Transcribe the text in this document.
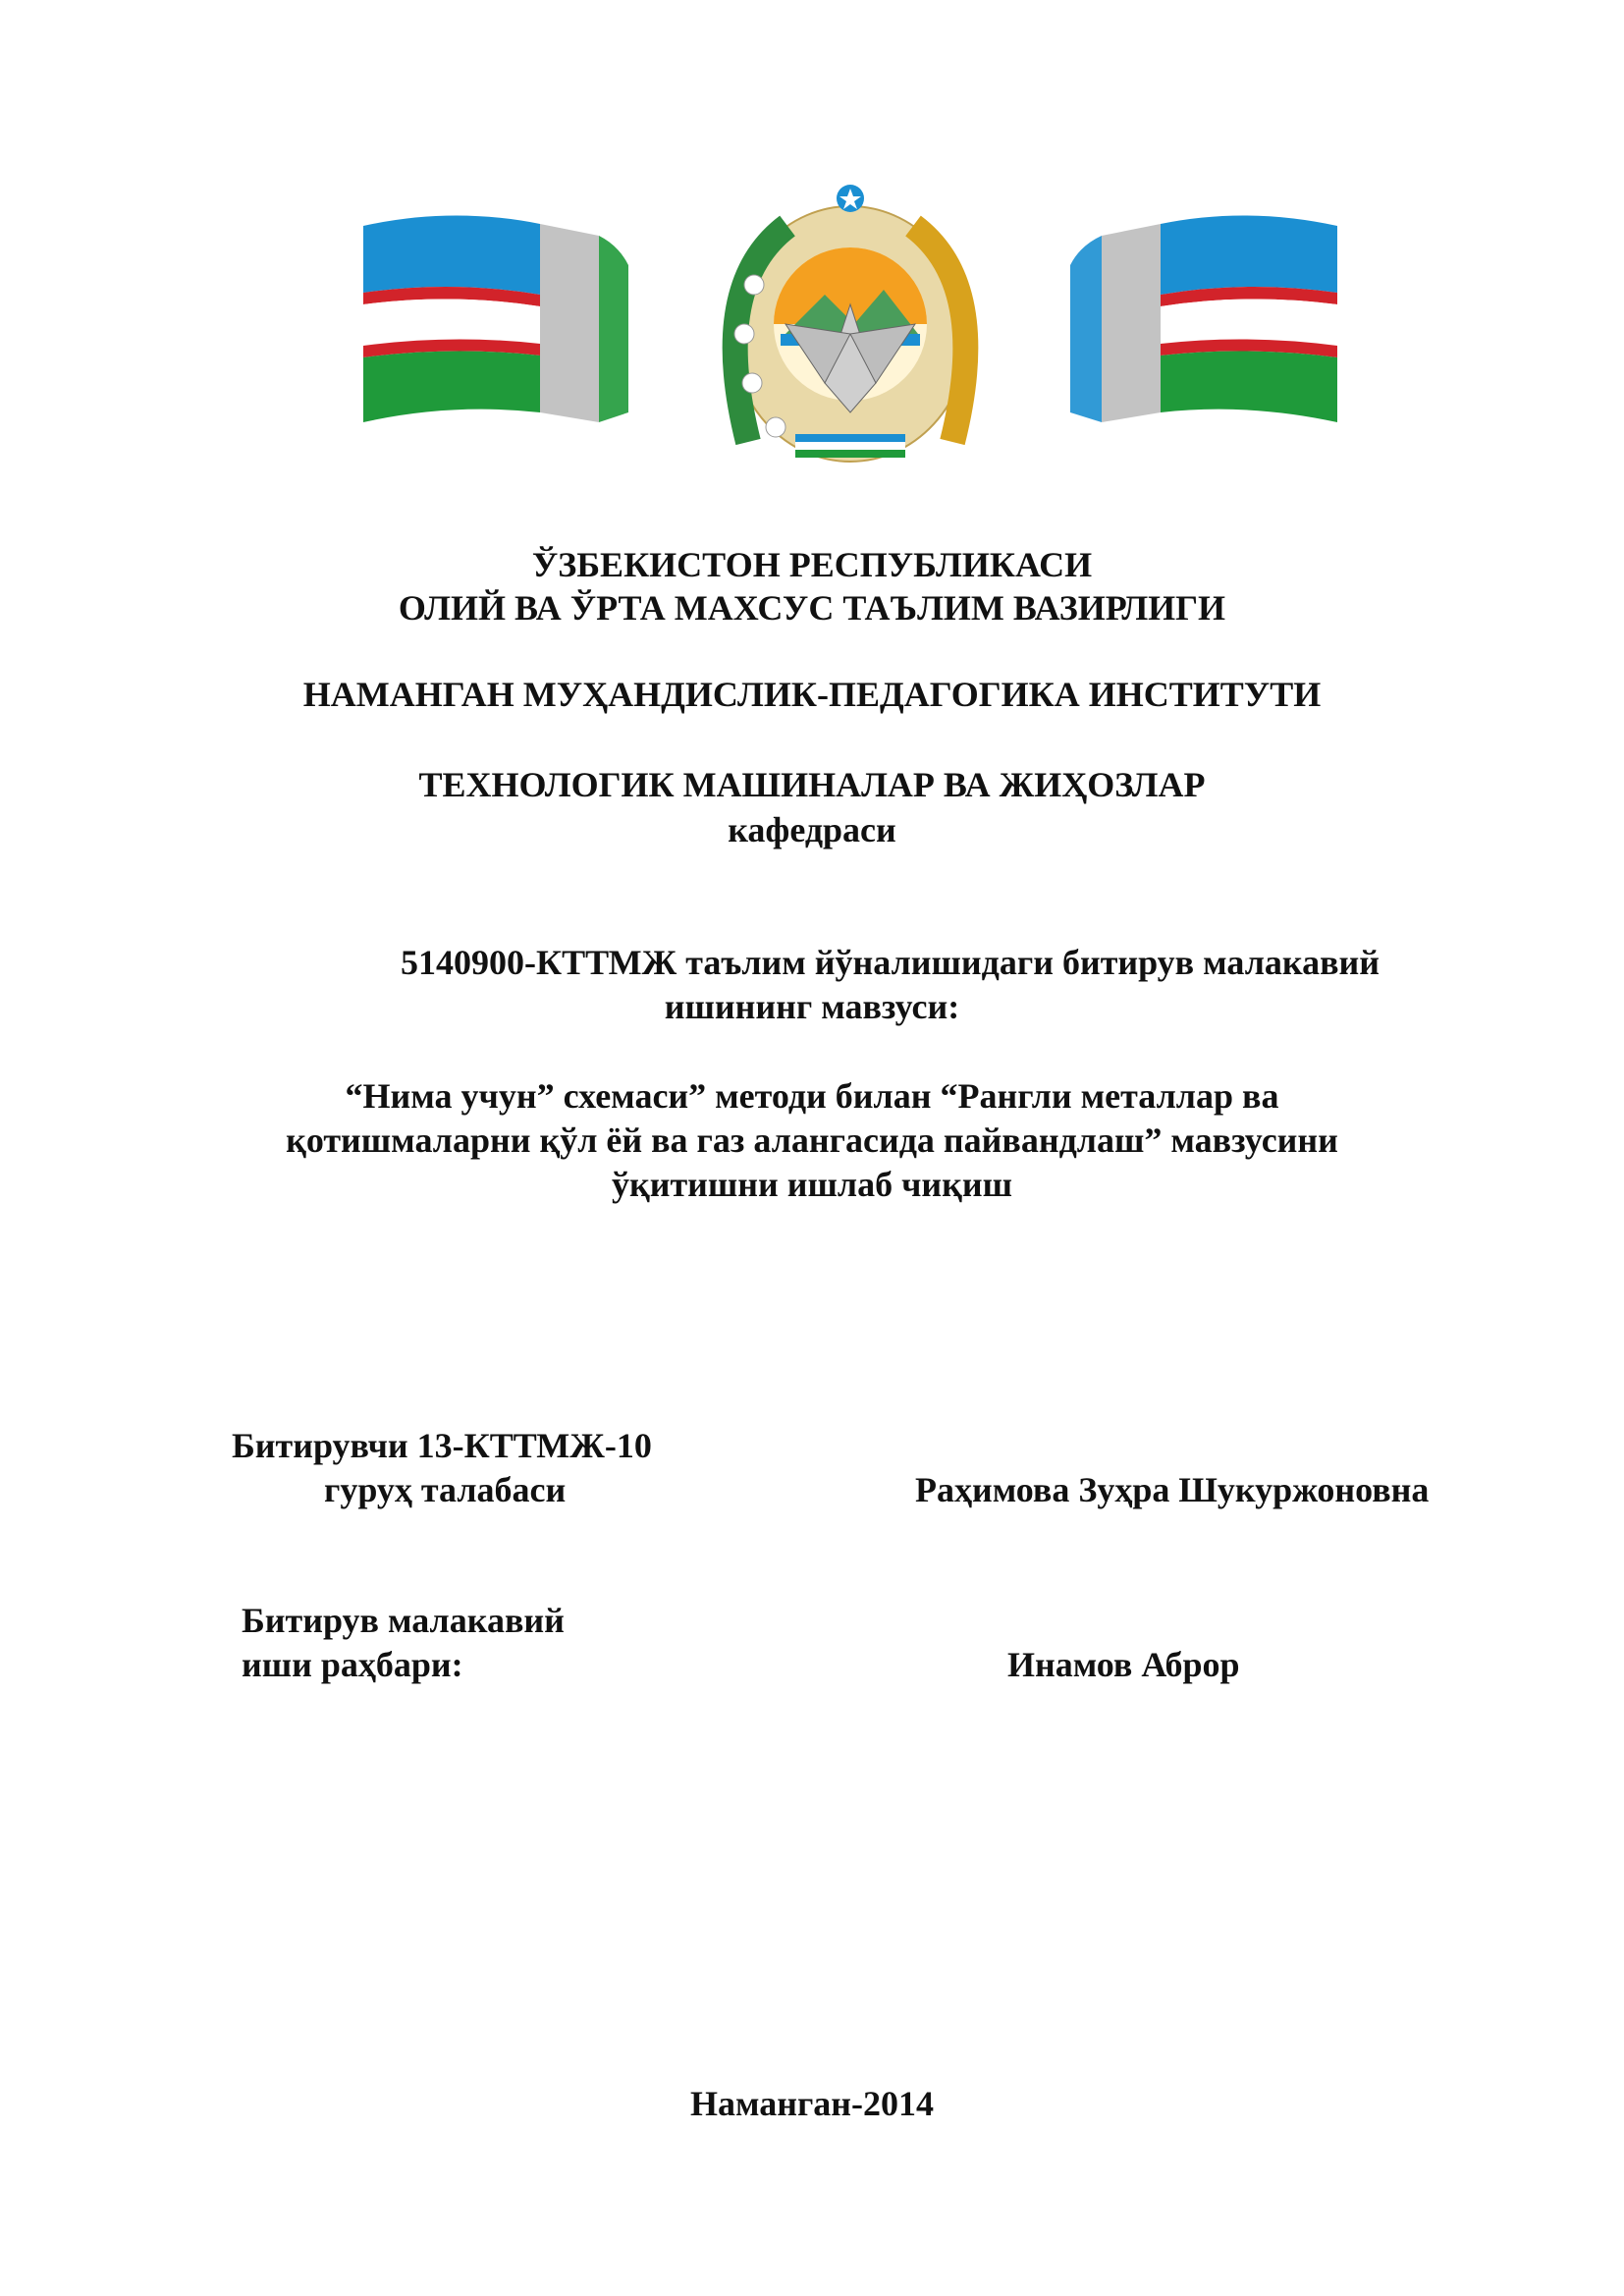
ЎЗБЕКИСТОН РЕСПУБЛИКАСИ
ОЛИЙ ВА ЎРТА МАХСУС ТАЪЛИМ ВАЗИРЛИГИ
НАМАНГАН МУҲАНДИСЛИК-ПЕДАГОГИКА ИНСТИТУТИ
ТЕХНОЛОГИК МАШИНАЛАР ВА ЖИҲОЗЛАР
кафедраси
5140900-КТТМЖ таълим йўналишидаги битирув малакавий
ишининг мавзуси:
“Нима учун” схемаси” методи билан “Рангли металлар ва
қотишмаларни қўл ёй ва газ алангасида пайвандлаш” мавзусини
ўқитишни ишлаб чиқиш
Битирувчи 13-КТТМЖ-10
гуруҳ талабаси	Раҳимова Зуҳра Шукуржоновна
Битирув малакавий
иши раҳбари:	Инамов Аброр
Наманган-2014
